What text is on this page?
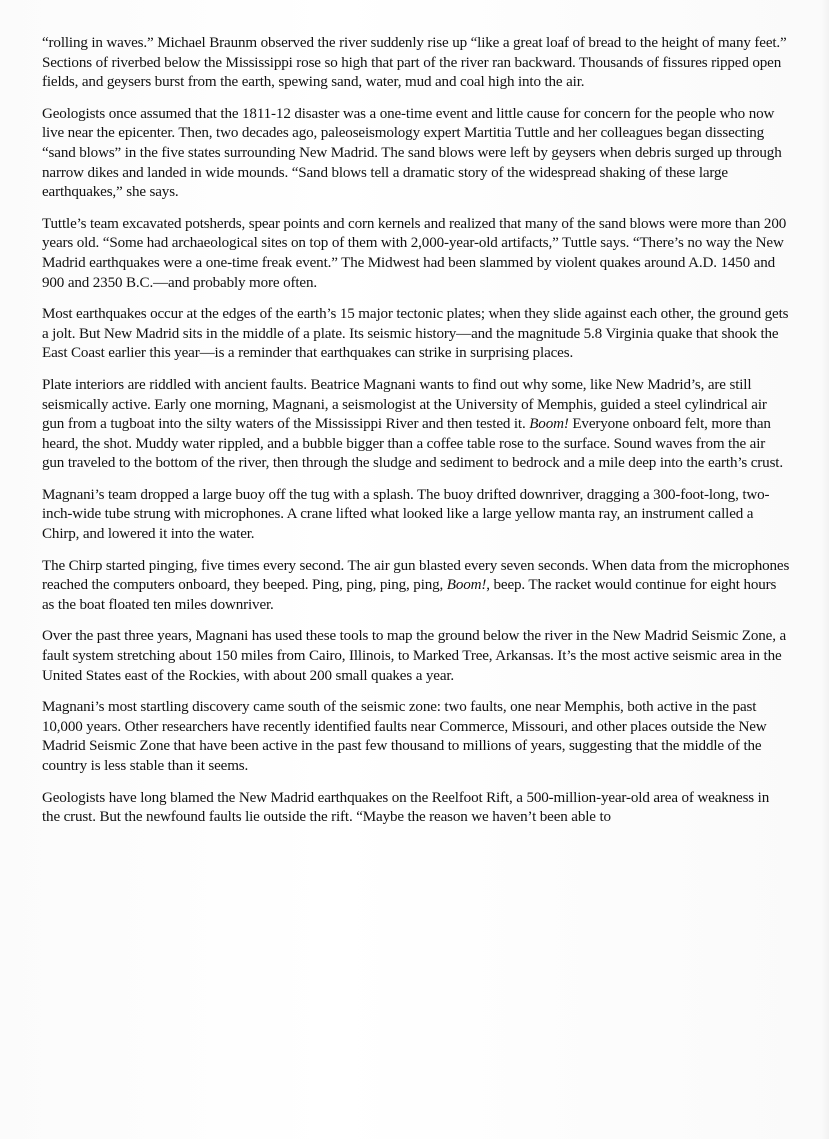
“rolling in waves.” Michael Braunm observed the river suddenly rise up “like a great loaf of bread to the height of many feet.” Sections of riverbed below the Mississippi rose so high that part of the river ran backward. Thousands of fissures ripped open fields, and geysers burst from the earth, spewing sand, water, mud and coal high into the air.

Geologists once assumed that the 1811-12 disaster was a one-time event and little cause for concern for the people who now live near the epicenter. Then, two decades ago, paleoseismology expert Martitia Tuttle and her colleagues began dissecting “sand blows” in the five states surrounding New Madrid. The sand blows were left by geysers when debris surged up through narrow dikes and landed in wide mounds. “Sand blows tell a dramatic story of the widespread shaking of these large earthquakes,” she says.

Tuttle’s team excavated potsherds, spear points and corn kernels and realized that many of the sand blows were more than 200 years old. “Some had archaeological sites on top of them with 2,000-year-old artifacts,” Tuttle says. “There’s no way the New Madrid earthquakes were a one-time freak event.” The Midwest had been slammed by violent quakes around A.D. 1450 and 900 and 2350 B.C.—and probably more often.

Most earthquakes occur at the edges of the earth’s 15 major tectonic plates; when they slide against each other, the ground gets a jolt. But New Madrid sits in the middle of a plate. Its seismic history—and the magnitude 5.8 Virginia quake that shook the East Coast earlier this year—is a reminder that earthquakes can strike in surprising places.

Plate interiors are riddled with ancient faults. Beatrice Magnani wants to find out why some, like New Madrid’s, are still seismically active. Early one morning, Magnani, a seismologist at the University of Memphis, guided a steel cylindrical air gun from a tugboat into the silty waters of the Mississippi River and then tested it. Boom! Everyone onboard felt, more than heard, the shot. Muddy water rippled, and a bubble bigger than a coffee table rose to the surface. Sound waves from the air gun traveled to the bottom of the river, then through the sludge and sediment to bedrock and a mile deep into the earth’s crust.

Magnani’s team dropped a large buoy off the tug with a splash. The buoy drifted downriver, dragging a 300-foot-long, two-inch-wide tube strung with microphones. A crane lifted what looked like a large yellow manta ray, an instrument called a Chirp, and lowered it into the water.

The Chirp started pinging, five times every second. The air gun blasted every seven seconds. When data from the microphones reached the computers onboard, they beeped. Ping, ping, ping, ping, Boom!, beep. The racket would continue for eight hours as the boat floated ten miles downriver.

Over the past three years, Magnani has used these tools to map the ground below the river in the New Madrid Seismic Zone, a fault system stretching about 150 miles from Cairo, Illinois, to Marked Tree, Arkansas. It’s the most active seismic area in the United States east of the Rockies, with about 200 small quakes a year.

Magnani’s most startling discovery came south of the seismic zone: two faults, one near Memphis, both active in the past 10,000 years. Other researchers have recently identified faults near Commerce, Missouri, and other places outside the New Madrid Seismic Zone that have been active in the past few thousand to millions of years, suggesting that the middle of the country is less stable than it seems.

Geologists have long blamed the New Madrid earthquakes on the Reelfoot Rift, a 500-million-year-old area of weakness in the crust. But the newfound faults lie outside the rift. “Maybe the reason we haven’t been able to
